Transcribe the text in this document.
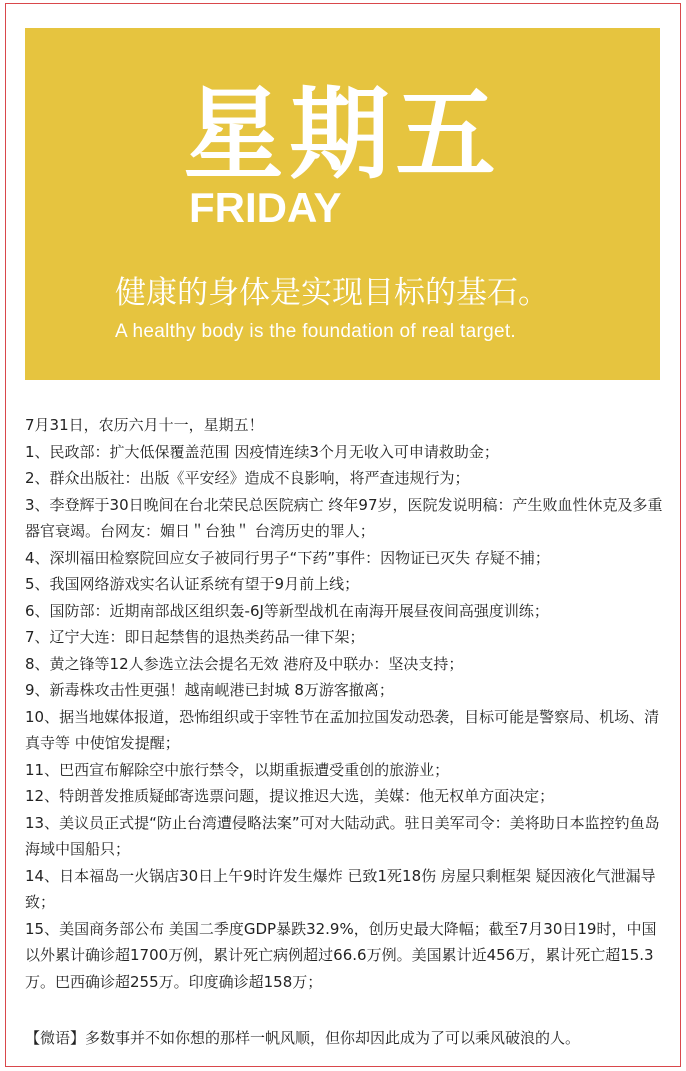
星期五
FRIDAY
健康的身体是实现目标的基石。
A healthy body is the foundation of real target.

7月31日，农历六月十一，星期五！

1、民政部：扩大低保覆盖范围 因疫情连续3个月无收入可申请救助金；

2、群众出版社：出版《平安经》造成不良影响，将严查违规行为；

3、李登辉于30日晚间在台北荣民总医院病亡 终年97岁，医院发说明稿：产生败血性休克及多重器官衰竭。台网友：媚日＂台独＂ 台湾历史的罪人；

4、深圳福田检察院回应女子被同行男子“下药”事件：因物证已灭失 存疑不捕；

5、我国网络游戏实名认证系统有望于9月前上线；

6、国防部：近期南部战区组织轰-6J等新型战机在南海开展昼夜间高强度训练；

7、辽宁大连：即日起禁售的退热类药品一律下架；

8、黄之锋等12人参选立法会提名无效 港府及中联办：坚决支持；

9、新毒株攻击性更强！越南岘港已封城 8万游客撤离；

10、据当地媒体报道，恐怖组织或于宰牲节在孟加拉国发动恐袭，目标可能是警察局、机场、清真寺等 中使馆发提醒；

11、巴西宣布解除空中旅行禁令，以期重振遭受重创的旅游业；

12、特朗普发推质疑邮寄选票问题，提议推迟大选，美媒：他无权单方面决定；

13、美议员正式提“防止台湾遭侵略法案”可对大陆动武。驻日美军司令：美将助日本监控钓鱼岛海域中国船只；

14、日本福岛一火锅店30日上午9时许发生爆炸 已致1死18伤 房屋只剩框架 疑因液化气泄漏导致；

15、美国商务部公布 美国二季度GDP暴跌32.9%，创历史最大降幅；截至7月30日19时，中国以外累计确诊超1700万例，累计死亡病例超过66.6万例。美国累计近456万，累计死亡超15.3万。巴西确诊超255万。印度确诊超158万；

【微语】多数事并不如你想的那样一帆风顺，但你却因此成为了可以乘风破浪的人。
